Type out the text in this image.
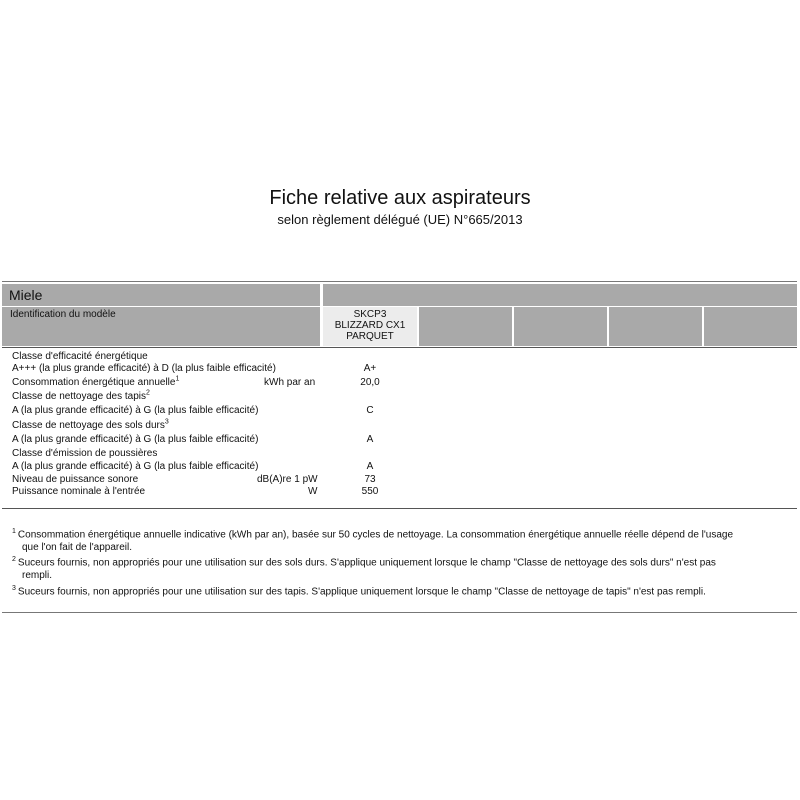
Fiche relative aux aspirateurs
selon règlement délégué (UE) N°665/2013
Miele
Identification du modèle	SKCP3
BLIZZARD CX1
PARQUET
Classe d'efficacité énergétique
A+++ (la plus grande efficacité) à D (la plus faible efficacité)	A+
Consommation énergétique annuelle$^1$	kWh par an	20,0
Classe de nettoyage des tapis$^2$
A (la plus grande efficacité) à G (la plus faible efficacité)	C
Classe de nettoyage des sols durs$^3$
A (la plus grande efficacité) à G (la plus faible efficacité)	A
Classe d'émission de poussières
A (la plus grande efficacité) à G (la plus faible efficacité)	A
Niveau de puissance sonore	dB(A)re 1 pW	73
Puissance nominale à l'entrée	W	550
$^1$ Consommation énergétique annuelle indicative (kWh par an), basée sur 50 cycles de nettoyage. La consommation énergétique annuelle réelle dépend de l'usage
que l'on fait de l'appareil.
$^2$ Suceurs fournis, non appropriés pour une utilisation sur des sols durs. S'applique uniquement lorsque le champ "Classe de nettoyage des sols durs" n'est pas
rempli.
$^3$ Suceurs fournis, non appropriés pour une utilisation sur des tapis. S'applique uniquement lorsque le champ "Classe de nettoyage de tapis" n'est pas rempli.
